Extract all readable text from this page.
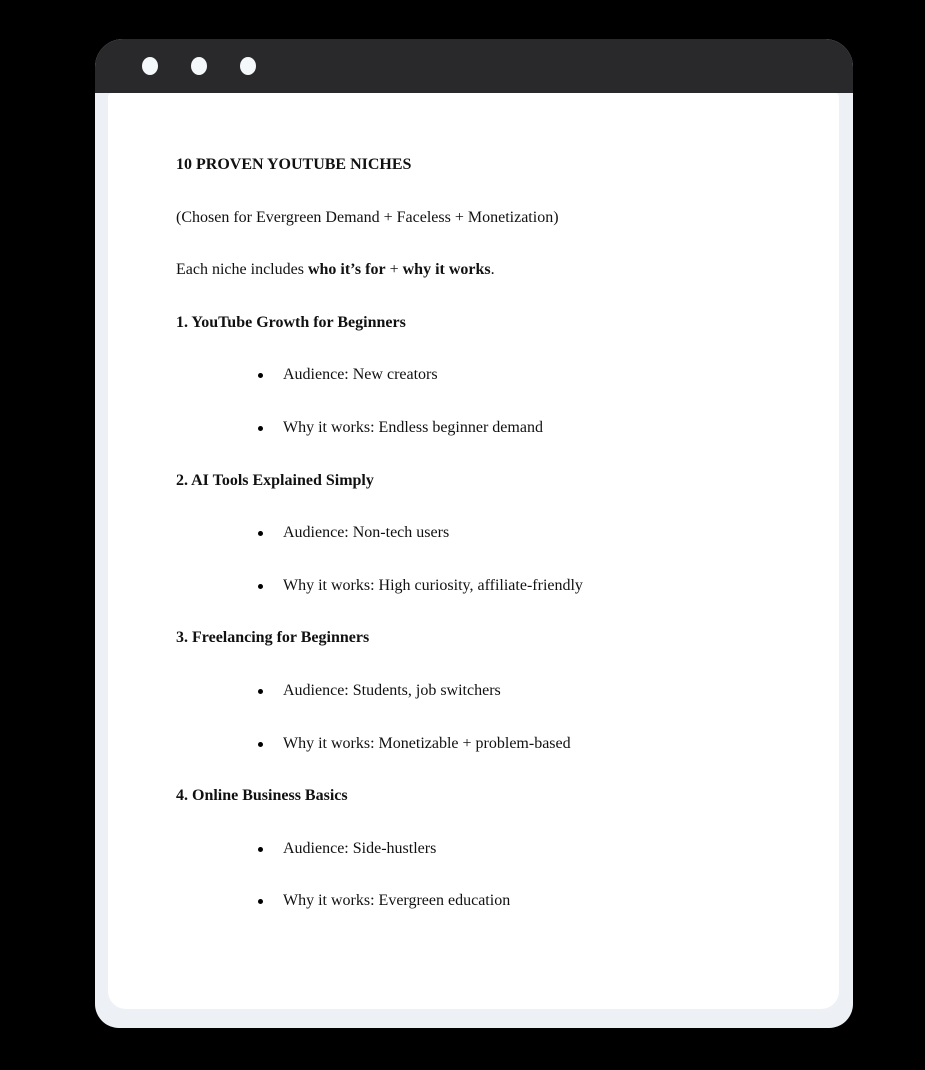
10 PROVEN YOUTUBE NICHES

(Chosen for Evergreen Demand + Faceless + Monetization)

Each niche includes who it’s for + why it works.

1. YouTube Growth for Beginners

Audience: New creators
Why it works: Endless beginner demand

2. AI Tools Explained Simply

Audience: Non-tech users
Why it works: High curiosity, affiliate-friendly

3. Freelancing for Beginners

Audience: Students, job switchers
Why it works: Monetizable + problem-based

4. Online Business Basics

Audience: Side-hustlers
Why it works: Evergreen education
